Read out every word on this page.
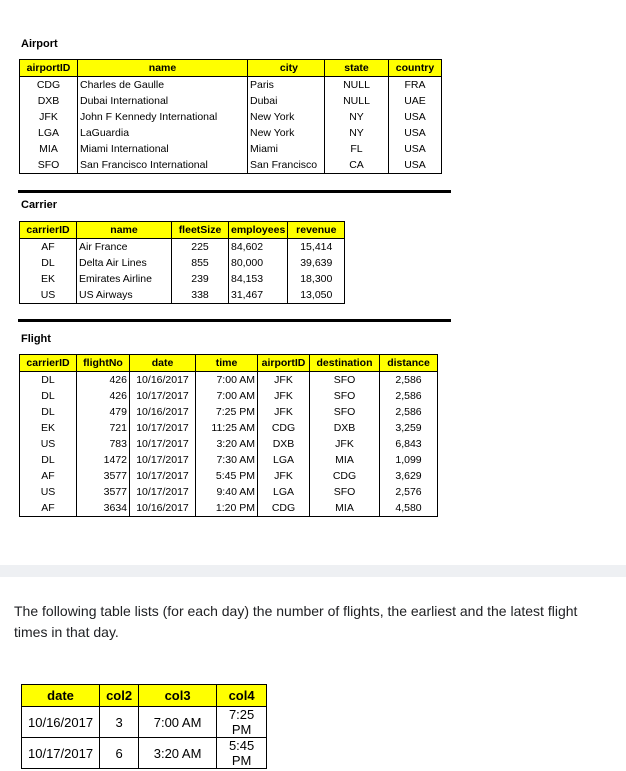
Airport
airportID	name	city	state	country
CDG	Charles de Gaulle	Paris	NULL	FRA
DXB	Dubai International	Dubai	NULL	UAE
JFK	John F Kennedy International	New York	NY	USA
LGA	LaGuardia	New York	NY	USA
MIA	Miami International	Miami	FL	USA
SFO	San Francisco International	San Francisco	CA	USA
Carrier
carrierID	name	fleetSize	employees	revenue
AF	Air France	225	84,602	15,414
DL	Delta Air Lines	855	80,000	39,639
EK	Emirates Airline	239	84,153	18,300
US	US Airways	338	31,467	13,050
Flight
carrierID	flightNo	date	time	airportID	destination	distance
DL	426	10/16/2017	7:00 AM	JFK	SFO	2,586
DL	426	10/17/2017	7:00 AM	JFK	SFO	2,586
DL	479	10/16/2017	7:25 PM	JFK	SFO	2,586
EK	721	10/17/2017	11:25 AM	CDG	DXB	3,259
US	783	10/17/2017	3:20 AM	DXB	JFK	6,843
DL	1472	10/17/2017	7:30 AM	LGA	MIA	1,099
AF	3577	10/17/2017	5:45 PM	JFK	CDG	3,629
US	3577	10/17/2017	9:40 AM	LGA	SFO	2,576
AF	3634	10/16/2017	1:20 PM	CDG	MIA	4,580
The following table lists (for each day) the number of flights, the earliest and the latest flight times in that day.
date	col2	col3	col4
10/16/2017	3	7:00 AM	7:25 PM
10/17/2017	6	3:20 AM	5:45 PM
